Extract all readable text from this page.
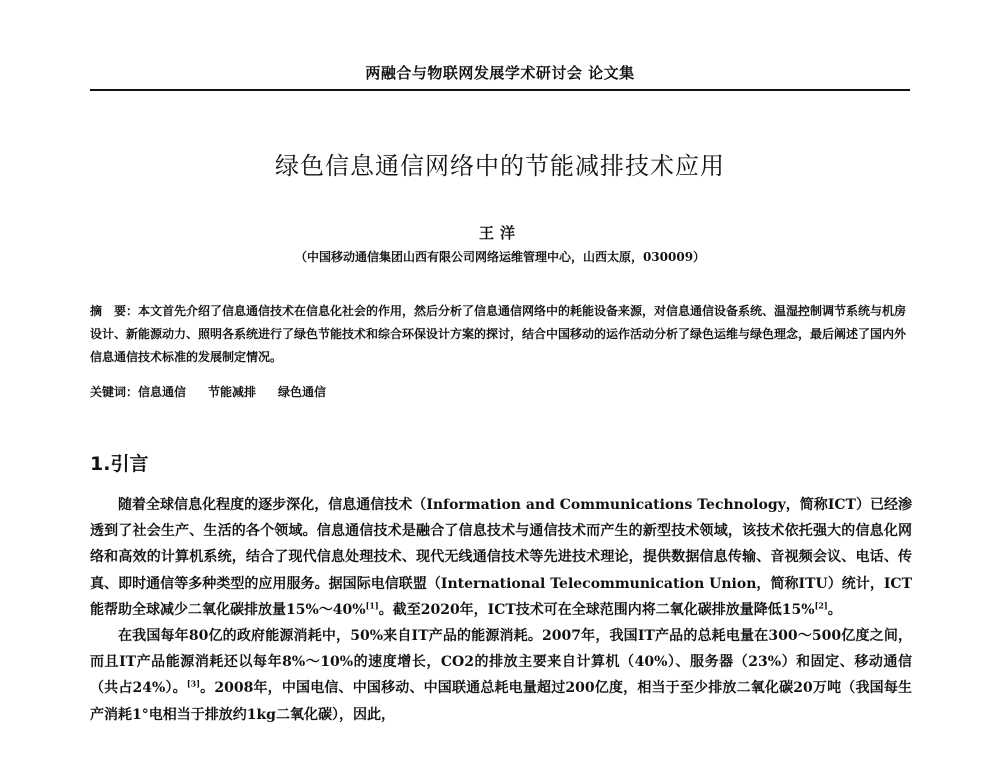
两融合与物联网发展学术研讨会 论文集
绿色信息通信网络中的节能减排技术应用
王洋
（中国移动通信集团山西有限公司网络运维管理中心，山西太原，030009）
摘　要：本文首先介绍了信息通信技术在信息化社会的作用，然后分析了信息通信网络中的耗能设备来源，对信息通信设备系统、温湿控制调节系统与机房设计、新能源动力、照明各系统进行了绿色节能技术和综合环保设计方案的探讨，结合中国移动的运作活动分析了绿色运维与绿色理念，最后阐述了国内外信息通信技术标准的发展制定情况。
关键词：信息通信 节能减排 绿色通信
1.引言

随着全球信息化程度的逐步深化，信息通信技术（Information and Communications Technology，简称ICT）已经渗透到了社会生产、生活的各个领域。信息通信技术是融合了信息技术与通信技术而产生的新型技术领域，该技术依托强大的信息化网络和高效的计算机系统，结合了现代信息处理技术、现代无线通信技术等先进技术理论，提供数据信息传输、音视频会议、电话、传真、即时通信等多种类型的应用服务。据国际电信联盟（International Telecommunication Union，简称ITU）统计，ICT能帮助全球减少二氧化碳排放量15%～40%[1]。截至2020年，ICT技术可在全球范围内将二氧化碳排放量降低15%[2]。

在我国每年80亿的政府能源消耗中，50%来自IT产品的能源消耗。2007年，我国IT产品的总耗电量在300～500亿度之间，而且IT产品能源消耗还以每年8%～10%的速度增长，CO2的排放主要来自计算机（40%）、服务器（23%）和固定、移动通信（共占24%）。[3]。2008年，中国电信、中国移动、中国联通总耗电量超过200亿度，相当于至少排放二氧化碳20万吨（我国每生产消耗1°电相当于排放约1kg二氧化碳），因此，
